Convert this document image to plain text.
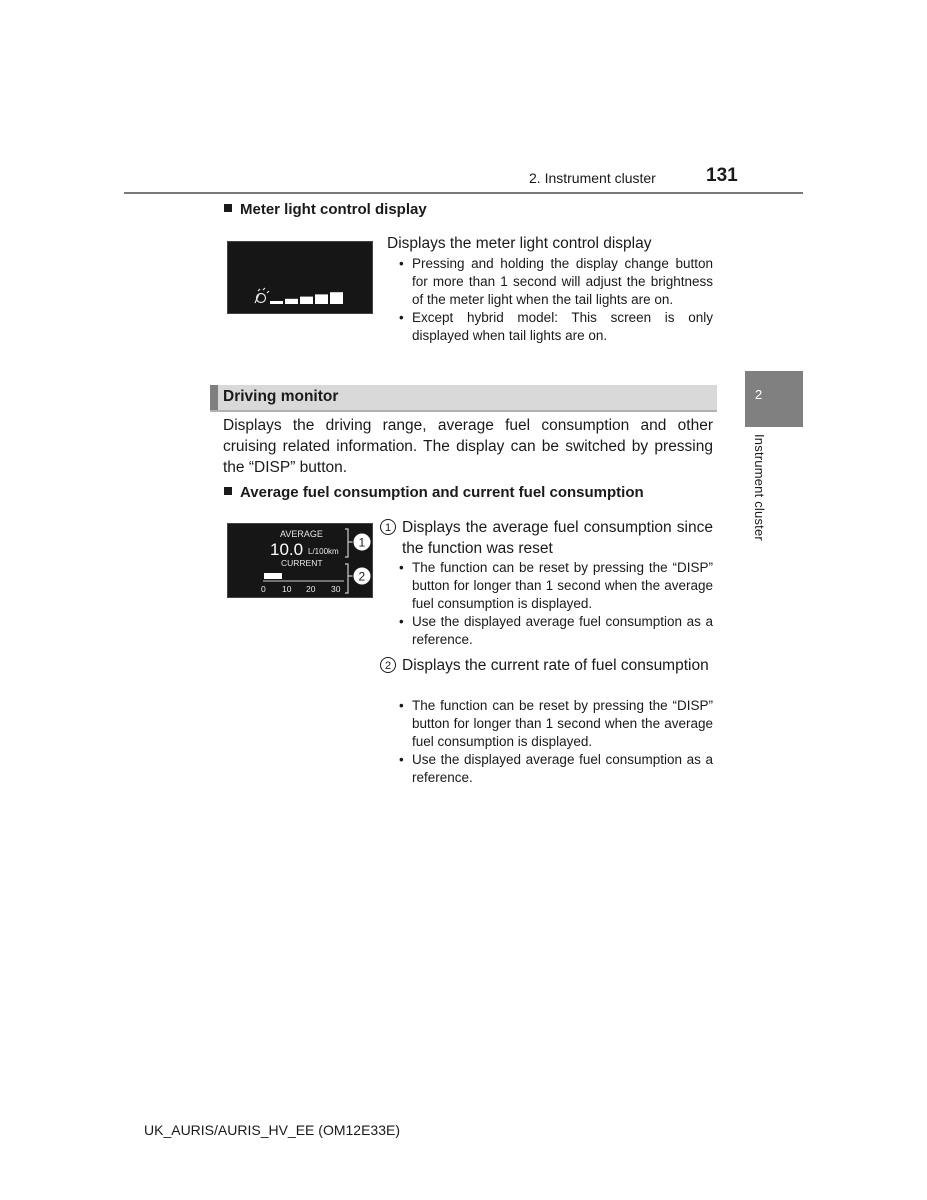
2. Instrument cluster	131
2
Instrument cluster
Meter light control display
Displays the meter light control display
• Pressing and holding the display change button for more than 1 second will adjust the brightness of the meter light when the tail lights are on.
• Except hybrid model: This screen is only displayed when tail lights are on.
Driving monitor
Displays the driving range, average fuel consumption and other cruising related information. The display can be switched by pressing the “DISP” button.
Average fuel consumption and current fuel consumption
AVERAGE
10.0 L/100km
CURRENT
0 10 20 30
1
2
1 Displays the average fuel consumption since the function was reset
• The function can be reset by pressing the “DISP” button for longer than 1 second when the average fuel consumption is displayed.
• Use the displayed average fuel consumption as a reference.
2 Displays the current rate of fuel consumption
• The function can be reset by pressing the “DISP” button for longer than 1 second when the average fuel consumption is displayed.
• Use the displayed average fuel consumption as a reference.
UK_AURIS/AURIS_HV_EE (OM12E33E)
